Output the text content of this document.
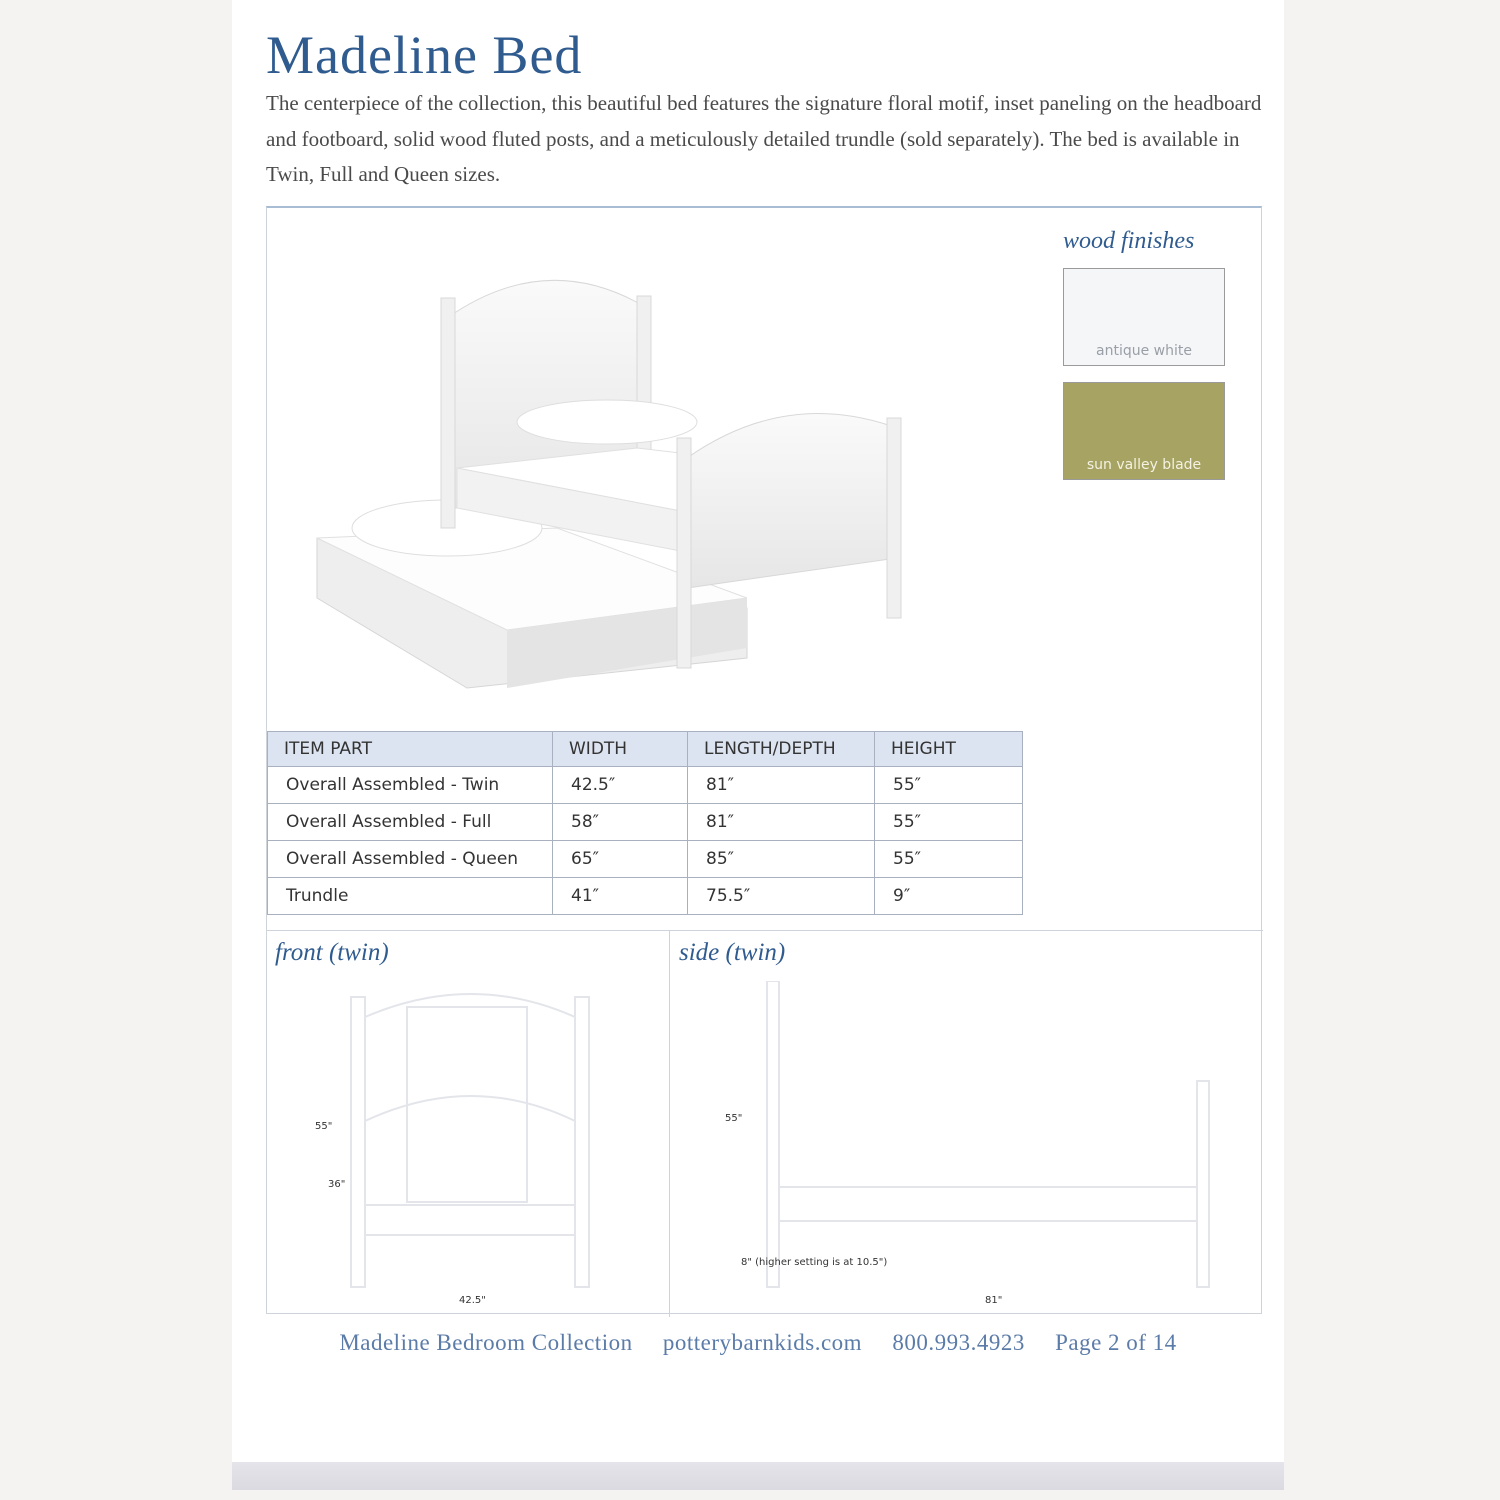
Madeline Bed

The centerpiece of the collection, this beautiful bed features the signature floral motif, inset paneling on the headboard and footboard, solid wood fluted posts, and a meticulously detailed trundle (sold separately). The bed is available in Twin, Full and Queen sizes.

wood finishes
antique white
sun valley blade
ITEM PART	WIDTH	LENGTH/DEPTH	HEIGHT
Overall Assembled - Twin	42.5″	81″	55″
Overall Assembled - Full	58″	81″	55″
Overall Assembled - Queen	65″	85″	55″
Trundle	41″	75.5″	9″
front (twin)
55"
36"
42.5"
side (twin)
55"
8" (higher setting is at 10.5")
81"
Madeline Bedroom Collection potterybarnkids.com 800.993.4923 Page 2 of 14
